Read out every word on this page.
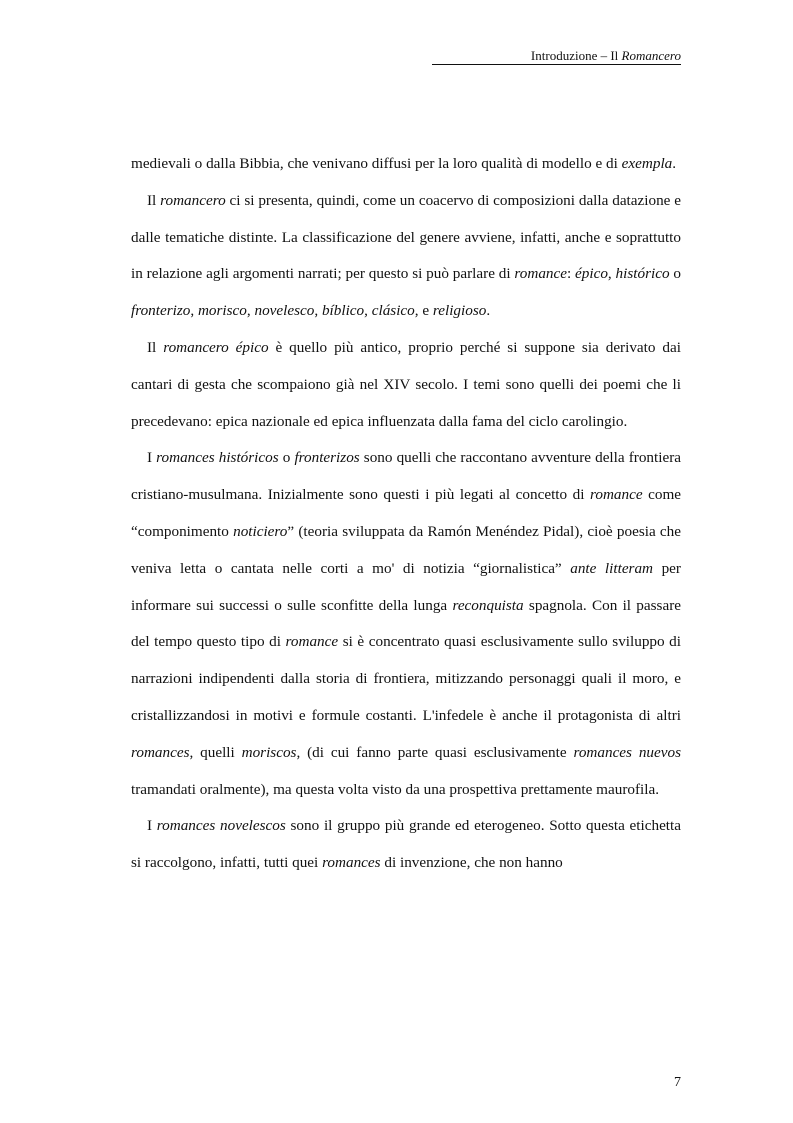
Introduzione – Il Romancero

medievali o dalla Bibbia, che venivano diffusi per la loro qualità di modello e di exempla.

Il romancero ci si presenta, quindi, come un coacervo di composizioni dalla datazione e dalle tematiche distinte. La classificazione del genere avviene, infatti, anche e soprattutto in relazione agli argomenti narrati; per questo si può parlare di romance: épico, histórico o fronterizo, morisco, novelesco, bíblico, clásico, e religioso.

Il romancero épico è quello più antico, proprio perché si suppone sia derivato dai cantari di gesta che scompaiono già nel XIV secolo. I temi sono quelli dei poemi che li precedevano: epica nazionale ed epica influenzata dalla fama del ciclo carolingio.

I romances históricos o fronterizos sono quelli che raccontano avventure della frontiera cristiano-musulmana. Inizialmente sono questi i più legati al concetto di romance come “componimento noticiero” (teoria sviluppata da Ramón Menéndez Pidal), cioè poesia che veniva letta o cantata nelle corti a mo' di notizia “giornalistica” ante litteram per informare sui successi o sulle sconfitte della lunga reconquista spagnola. Con il passare del tempo questo tipo di romance si è concentrato quasi esclusivamente sullo sviluppo di narrazioni indipendenti dalla storia di frontiera, mitizzando personaggi quali il moro, e cristallizzandosi in motivi e formule costanti. L'infedele è anche il protagonista di altri romances, quelli moriscos, (di cui fanno parte quasi esclusivamente romances nuevos tramandati oralmente), ma questa volta visto da una prospettiva prettamente maurofila.

I romances novelescos sono il gruppo più grande ed eterogeneo. Sotto questa etichetta si raccolgono, infatti, tutti quei romances di invenzione, che non hanno

7
